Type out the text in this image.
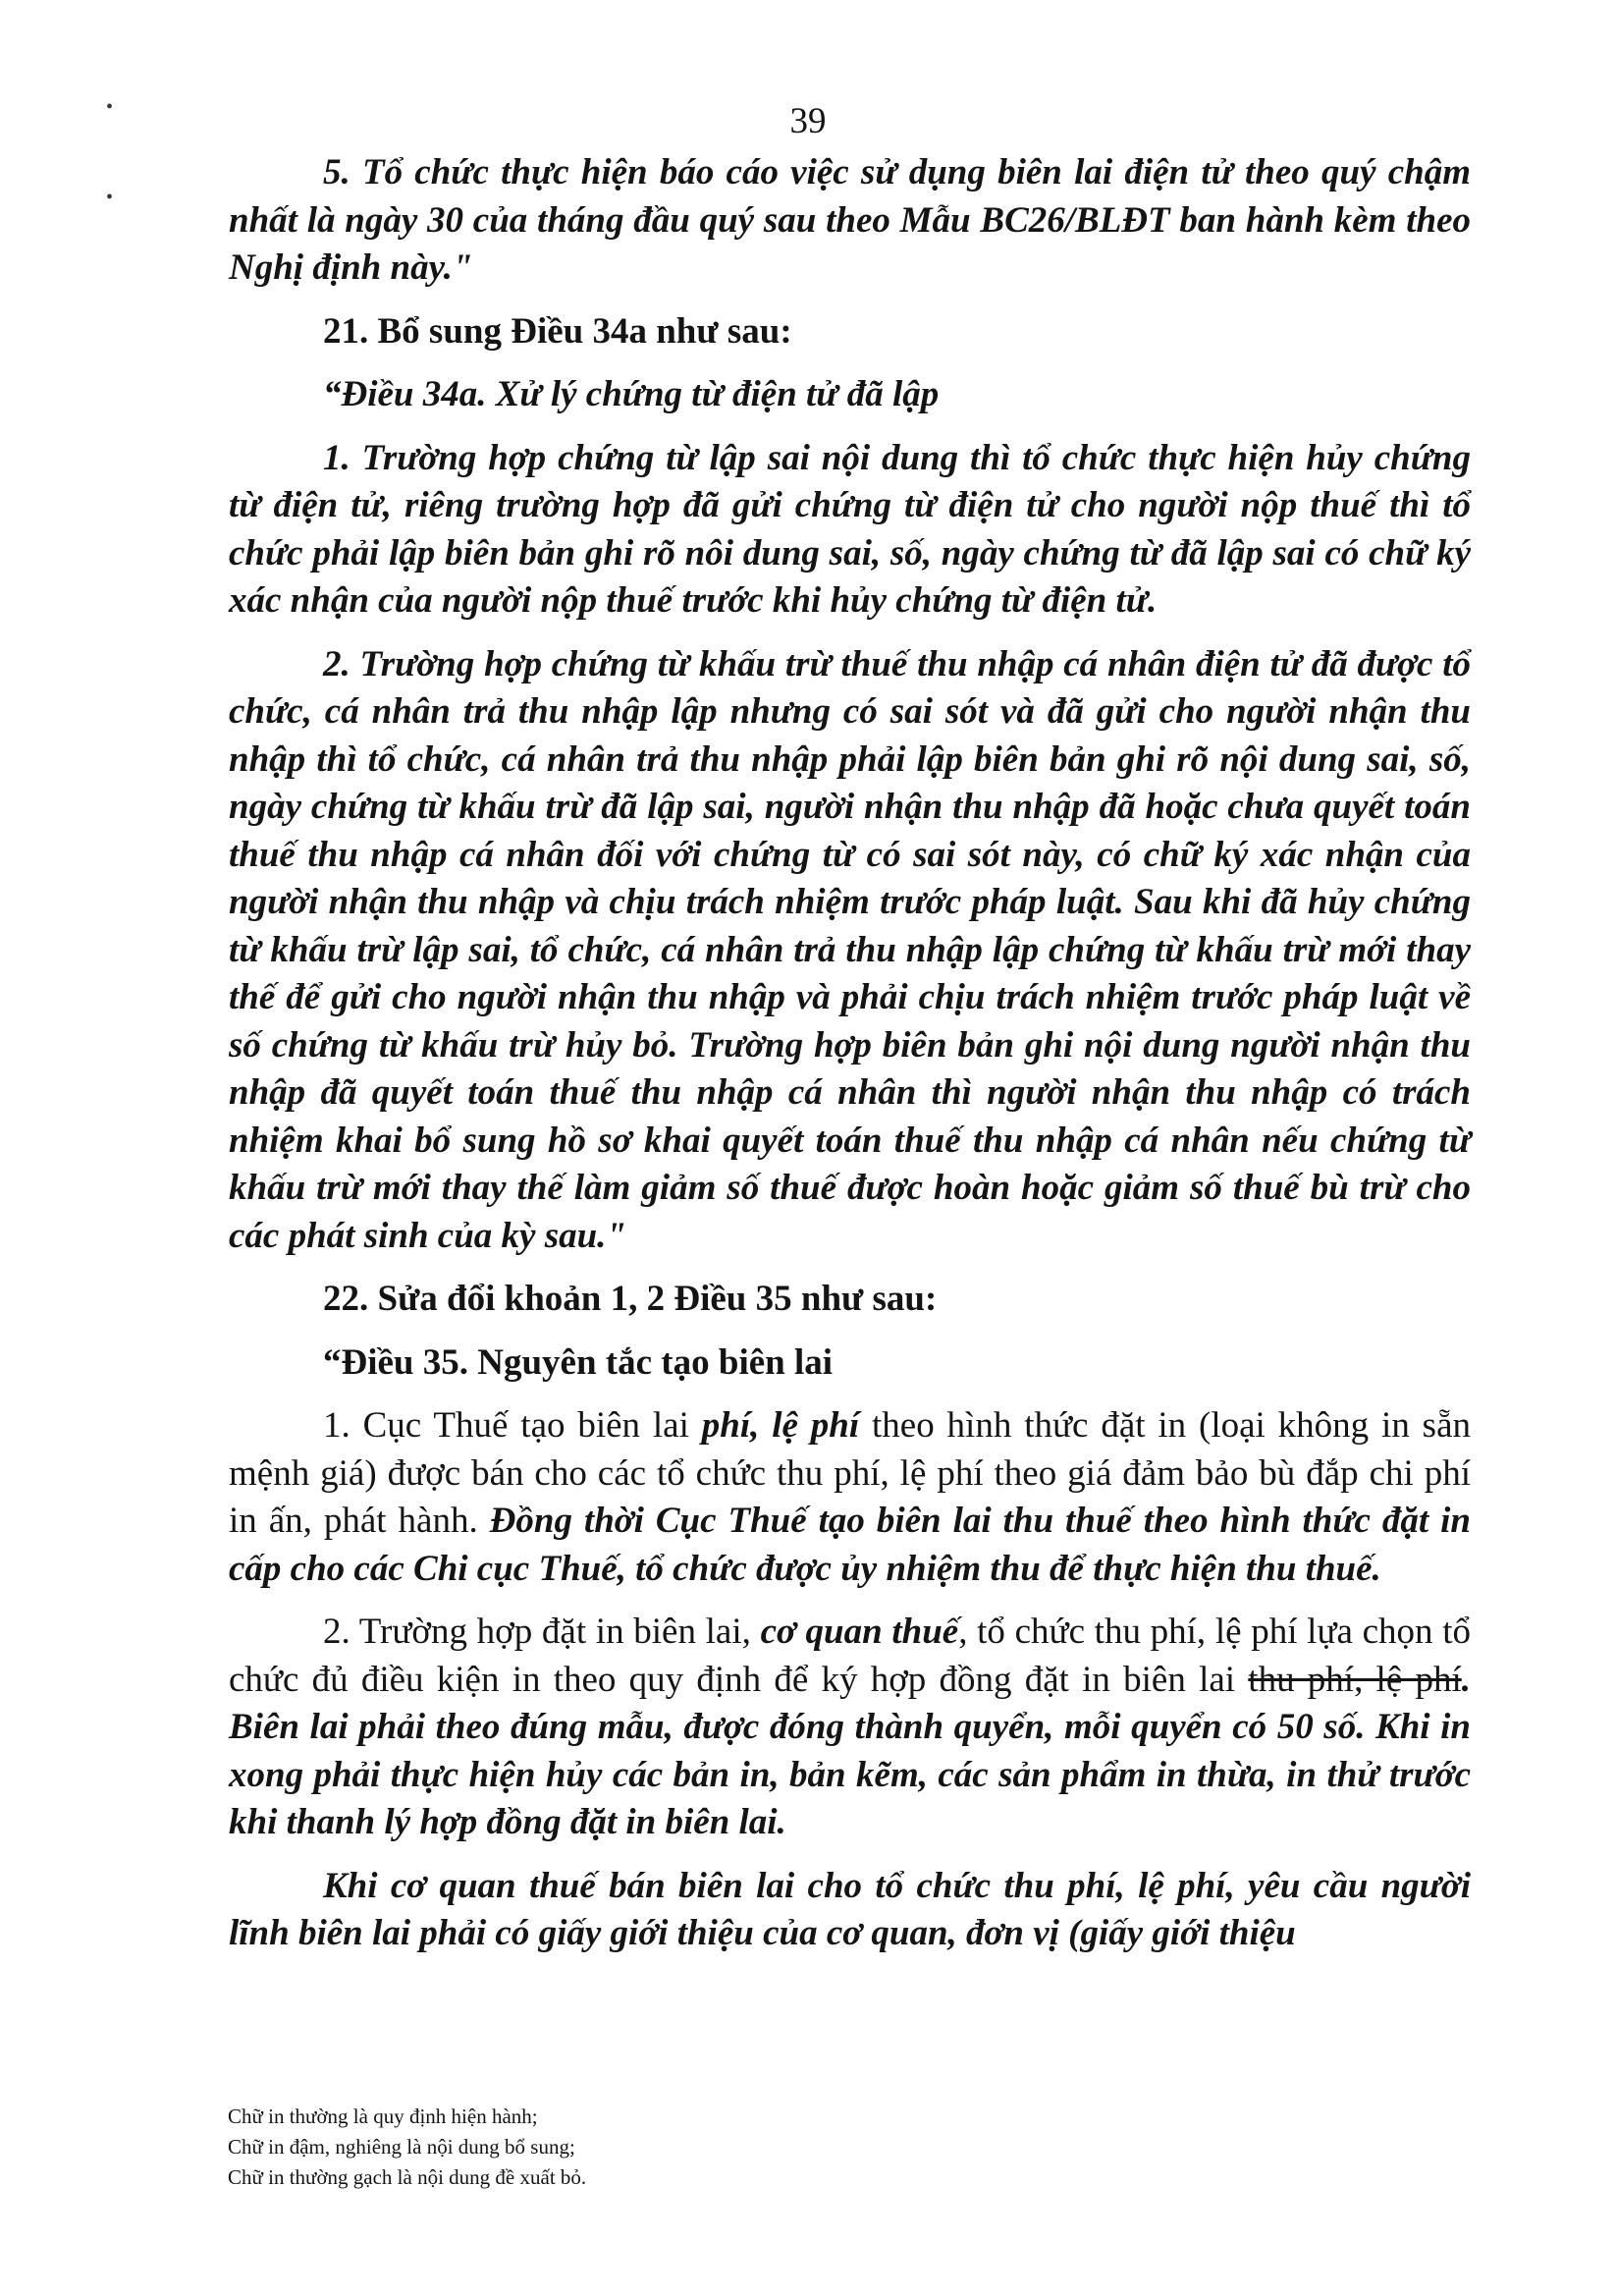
•
•
39

5. Tổ chức thực hiện báo cáo việc sử dụng biên lai điện tử theo quý chậm nhất là ngày 30 của tháng đầu quý sau theo Mẫu BC26/BLĐT ban hành kèm theo Nghị định này."

21. Bổ sung Điều 34a như sau:

“Điều 34a. Xử lý chứng từ điện tử đã lập

1. Trường hợp chứng từ lập sai nội dung thì tổ chức thực hiện hủy chứng từ điện tử, riêng trường hợp đã gửi chứng từ điện tử cho người nộp thuế thì tổ chức phải lập biên bản ghi rõ nôi dung sai, số, ngày chứng từ đã lập sai có chữ ký xác nhận của người nộp thuế trước khi hủy chứng từ điện tử.

2. Trường hợp chứng từ khấu trừ thuế thu nhập cá nhân điện tử đã được tổ chức, cá nhân trả thu nhập lập nhưng có sai sót và đã gửi cho người nhận thu nhập thì tổ chức, cá nhân trả thu nhập phải lập biên bản ghi rõ nội dung sai, số, ngày chứng từ khấu trừ đã lập sai, người nhận thu nhập đã hoặc chưa quyết toán thuế thu nhập cá nhân đối với chứng từ có sai sót này, có chữ ký xác nhận của người nhận thu nhập và chịu trách nhiệm trước pháp luật. Sau khi đã hủy chứng từ khấu trừ lập sai, tổ chức, cá nhân trả thu nhập lập chứng từ khấu trừ mới thay thế để gửi cho người nhận thu nhập và phải chịu trách nhiệm trước pháp luật về số chứng từ khấu trừ hủy bỏ. Trường hợp biên bản ghi nội dung người nhận thu nhập đã quyết toán thuế thu nhập cá nhân thì người nhận thu nhập có trách nhiệm khai bổ sung hồ sơ khai quyết toán thuế thu nhập cá nhân nếu chứng từ khấu trừ mới thay thế làm giảm số thuế được hoàn hoặc giảm số thuế bù trừ cho các phát sinh của kỳ sau."

22. Sửa đổi khoản 1, 2 Điều 35 như sau:

“Điều 35. Nguyên tắc tạo biên lai

1. Cục Thuế tạo biên lai phí, lệ phí theo hình thức đặt in (loại không in sẵn mệnh giá) được bán cho các tổ chức thu phí, lệ phí theo giá đảm bảo bù đắp chi phí in ấn, phát hành. Đồng thời Cục Thuế tạo biên lai thu thuế theo hình thức đặt in cấp cho các Chi cục Thuế, tổ chức được ủy nhiệm thu để thực hiện thu thuế.

2. Trường hợp đặt in biên lai, cơ quan thuế, tổ chức thu phí, lệ phí lựa chọn tổ chức đủ điều kiện in theo quy định để ký hợp đồng đặt in biên lai thu phí, lệ phí. Biên lai phải theo đúng mẫu, được đóng thành quyển, mỗi quyển có 50 số. Khi in xong phải thực hiện hủy các bản in, bản kẽm, các sản phẩm in thừa, in thử trước khi thanh lý hợp đồng đặt in biên lai.

Khi cơ quan thuế bán biên lai cho tổ chức thu phí, lệ phí, yêu cầu người lĩnh biên lai phải có giấy giới thiệu của cơ quan, đơn vị (giấy giới thiệu

Chữ in thường là quy định hiện hành;
Chữ in đậm, nghiêng là nội dung bổ sung;
Chữ in thường gạch là nội dung đề xuất bỏ.
